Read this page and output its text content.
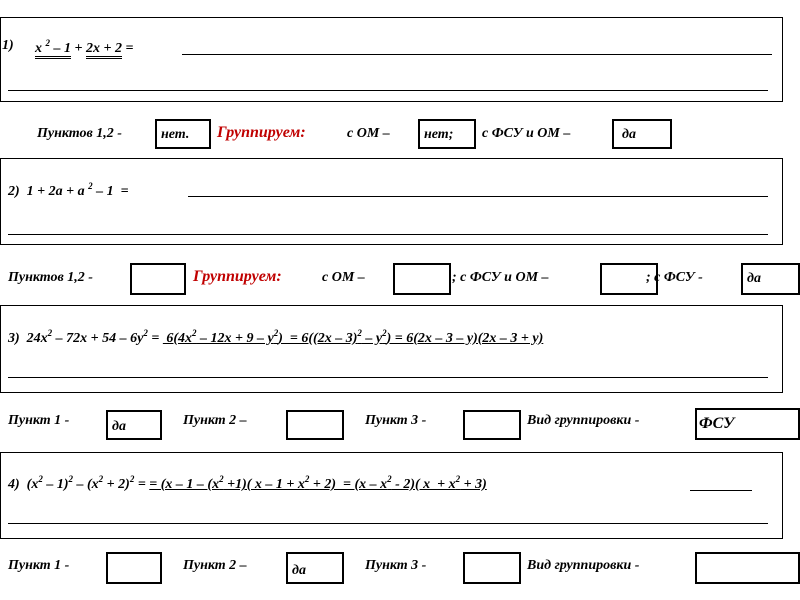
1) x $^2$ – 1 + 2x + 2 =
Пунктов 1,2 -	нет.	Группируем:	с ОМ –	нет;	с ФСУ и ОМ –	да
2)  1 + 2a + a $^2$ – 1  =
Пунктов 1,2 -	Группируем:	с ОМ –	; с ФСУ и ОМ –	; с ФСУ -	да
3)  $24x^2 - 72x + 54 - 6y^2 = 6(4x^2 - 12x + 9 - y^2) = 6((2x - 3)^2 - y^2) = 6(2x - 3 - y)(2x - 3 + y)$
Пункт 1 -	да	Пункт 2 –	Пункт 3 -	Вид группировки -	ФСУ
4)  $(x^2 - 1)^2 - (x^2 + 2)^2$ = = ($x - 1 - (x^2 +1)$( $x - 1 + x^2 + 2) = (x - x^2 - 2)$( $x + x^2 + 3$)
Пункт 1 -	Пункт 2 –	да	Пункт 3 -	Вид группировки -
